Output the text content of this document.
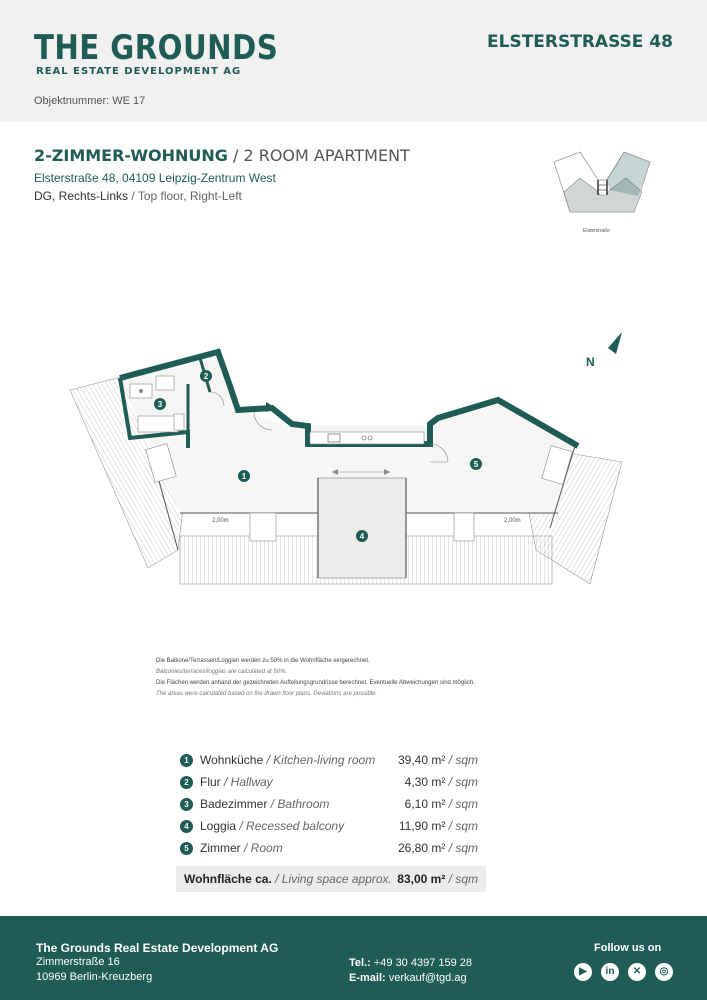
THE GROUNDS
REAL ESTATE DEVELOPMENT AG
ELSTERSTRASSE 48
Objektnummer: WE 17
2-ZIMMER-WOHNUNG / 2 ROOM APARTMENT
Elsterstraße 48, 04109 Leipzig-Zentrum West
DG, Rechts-Links / Top floor, Right-Left
Elsterstraße
1
2
3
4
5
2,00m	2,00m
N
Die Balkone/Terrassen/Loggien werden zu 50% in die Wohnfläche eingerechnet.
Balconies/terraces/loggias are calculated at 50%.
Die Flächen werden anhand der gezeichneten Aufteilungsgrundrisse berechnet. Eventuelle Abweichungen sind möglich.
The areas were calculated based on the drawn floor plans. Deviations are possible.
1 Wohnküche / Kitchen-living room 39,40 m² / sqm
2 Flur / Hallway	4,30 m² / sqm
3 Badezimmer / Bathroom	6,10 m² / sqm
4 Loggia / Recessed balcony	11,90 m² / sqm
5 Zimmer / Room	26,80 m² / sqm
Wohnfläche ca. / Living space approx. 83,00 m² / sqm
The Grounds Real Estate Development AG
Zimmerstraße 16
10969 Berlin-Kreuzberg
Tel.: +49 30 4397 159 28
E-mail: verkauf@tgd.ag
Follow us on
▶	in	✕	◎
